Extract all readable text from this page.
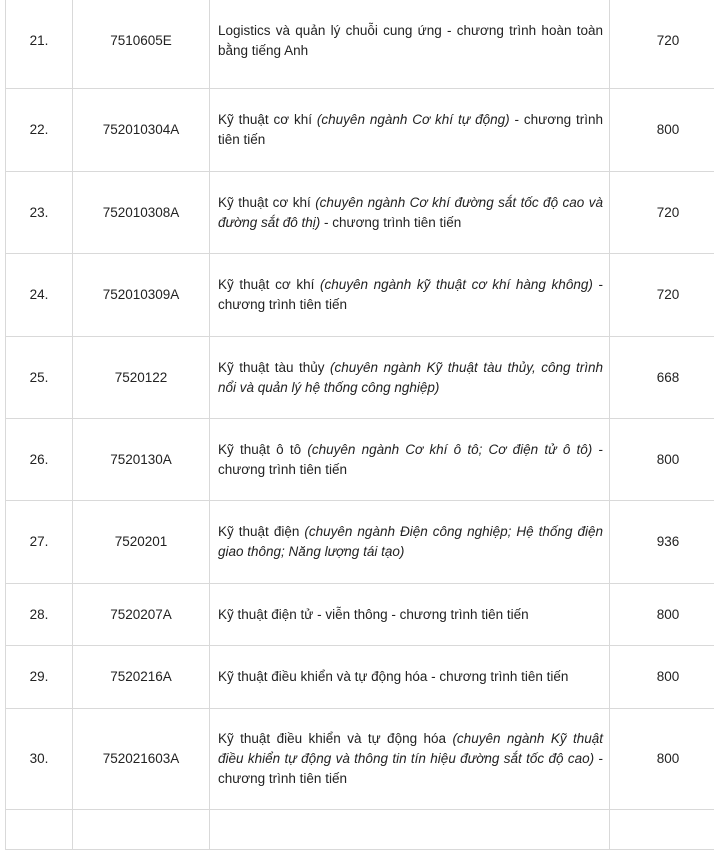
21.	7510605E	Logistics và quản lý chuỗi cung ứng - chương trình hoàn toàn bằng tiếng Anh	720
22.	752010304A	Kỹ thuật cơ khí (chuyên ngành Cơ khí tự động) - chương trình tiên tiến	800
23.	752010308A	Kỹ thuật cơ khí (chuyên ngành Cơ khí đường sắt tốc độ cao và đường sắt đô thị) - chương trình tiên tiến	720
24.	752010309A	Kỹ thuật cơ khí (chuyên ngành kỹ thuật cơ khí hàng không) - chương trình tiên tiến	720
25.	7520122	Kỹ thuật tàu thủy (chuyên ngành Kỹ thuật tàu thủy, công trình nổi và quản lý hệ thống công nghiệp)	668
26.	7520130A	Kỹ thuật ô tô (chuyên ngành Cơ khí ô tô; Cơ điện tử ô tô) - chương trình tiên tiến	800
27.	7520201	Kỹ thuật điện (chuyên ngành Điện công nghiệp; Hệ thống điện giao thông; Năng lượng tái tạo)	936
28.	7520207A	Kỹ thuật điện tử - viễn thông - chương trình tiên tiến	800
29.	7520216A	Kỹ thuật điều khiển và tự động hóa - chương trình tiên tiến	800
30.	752021603A	Kỹ thuật điều khiển và tự động hóa (chuyên ngành Kỹ thuật điều khiển tự động và thông tin tín hiệu đường sắt tốc độ cao) - chương trình tiên tiến	800
